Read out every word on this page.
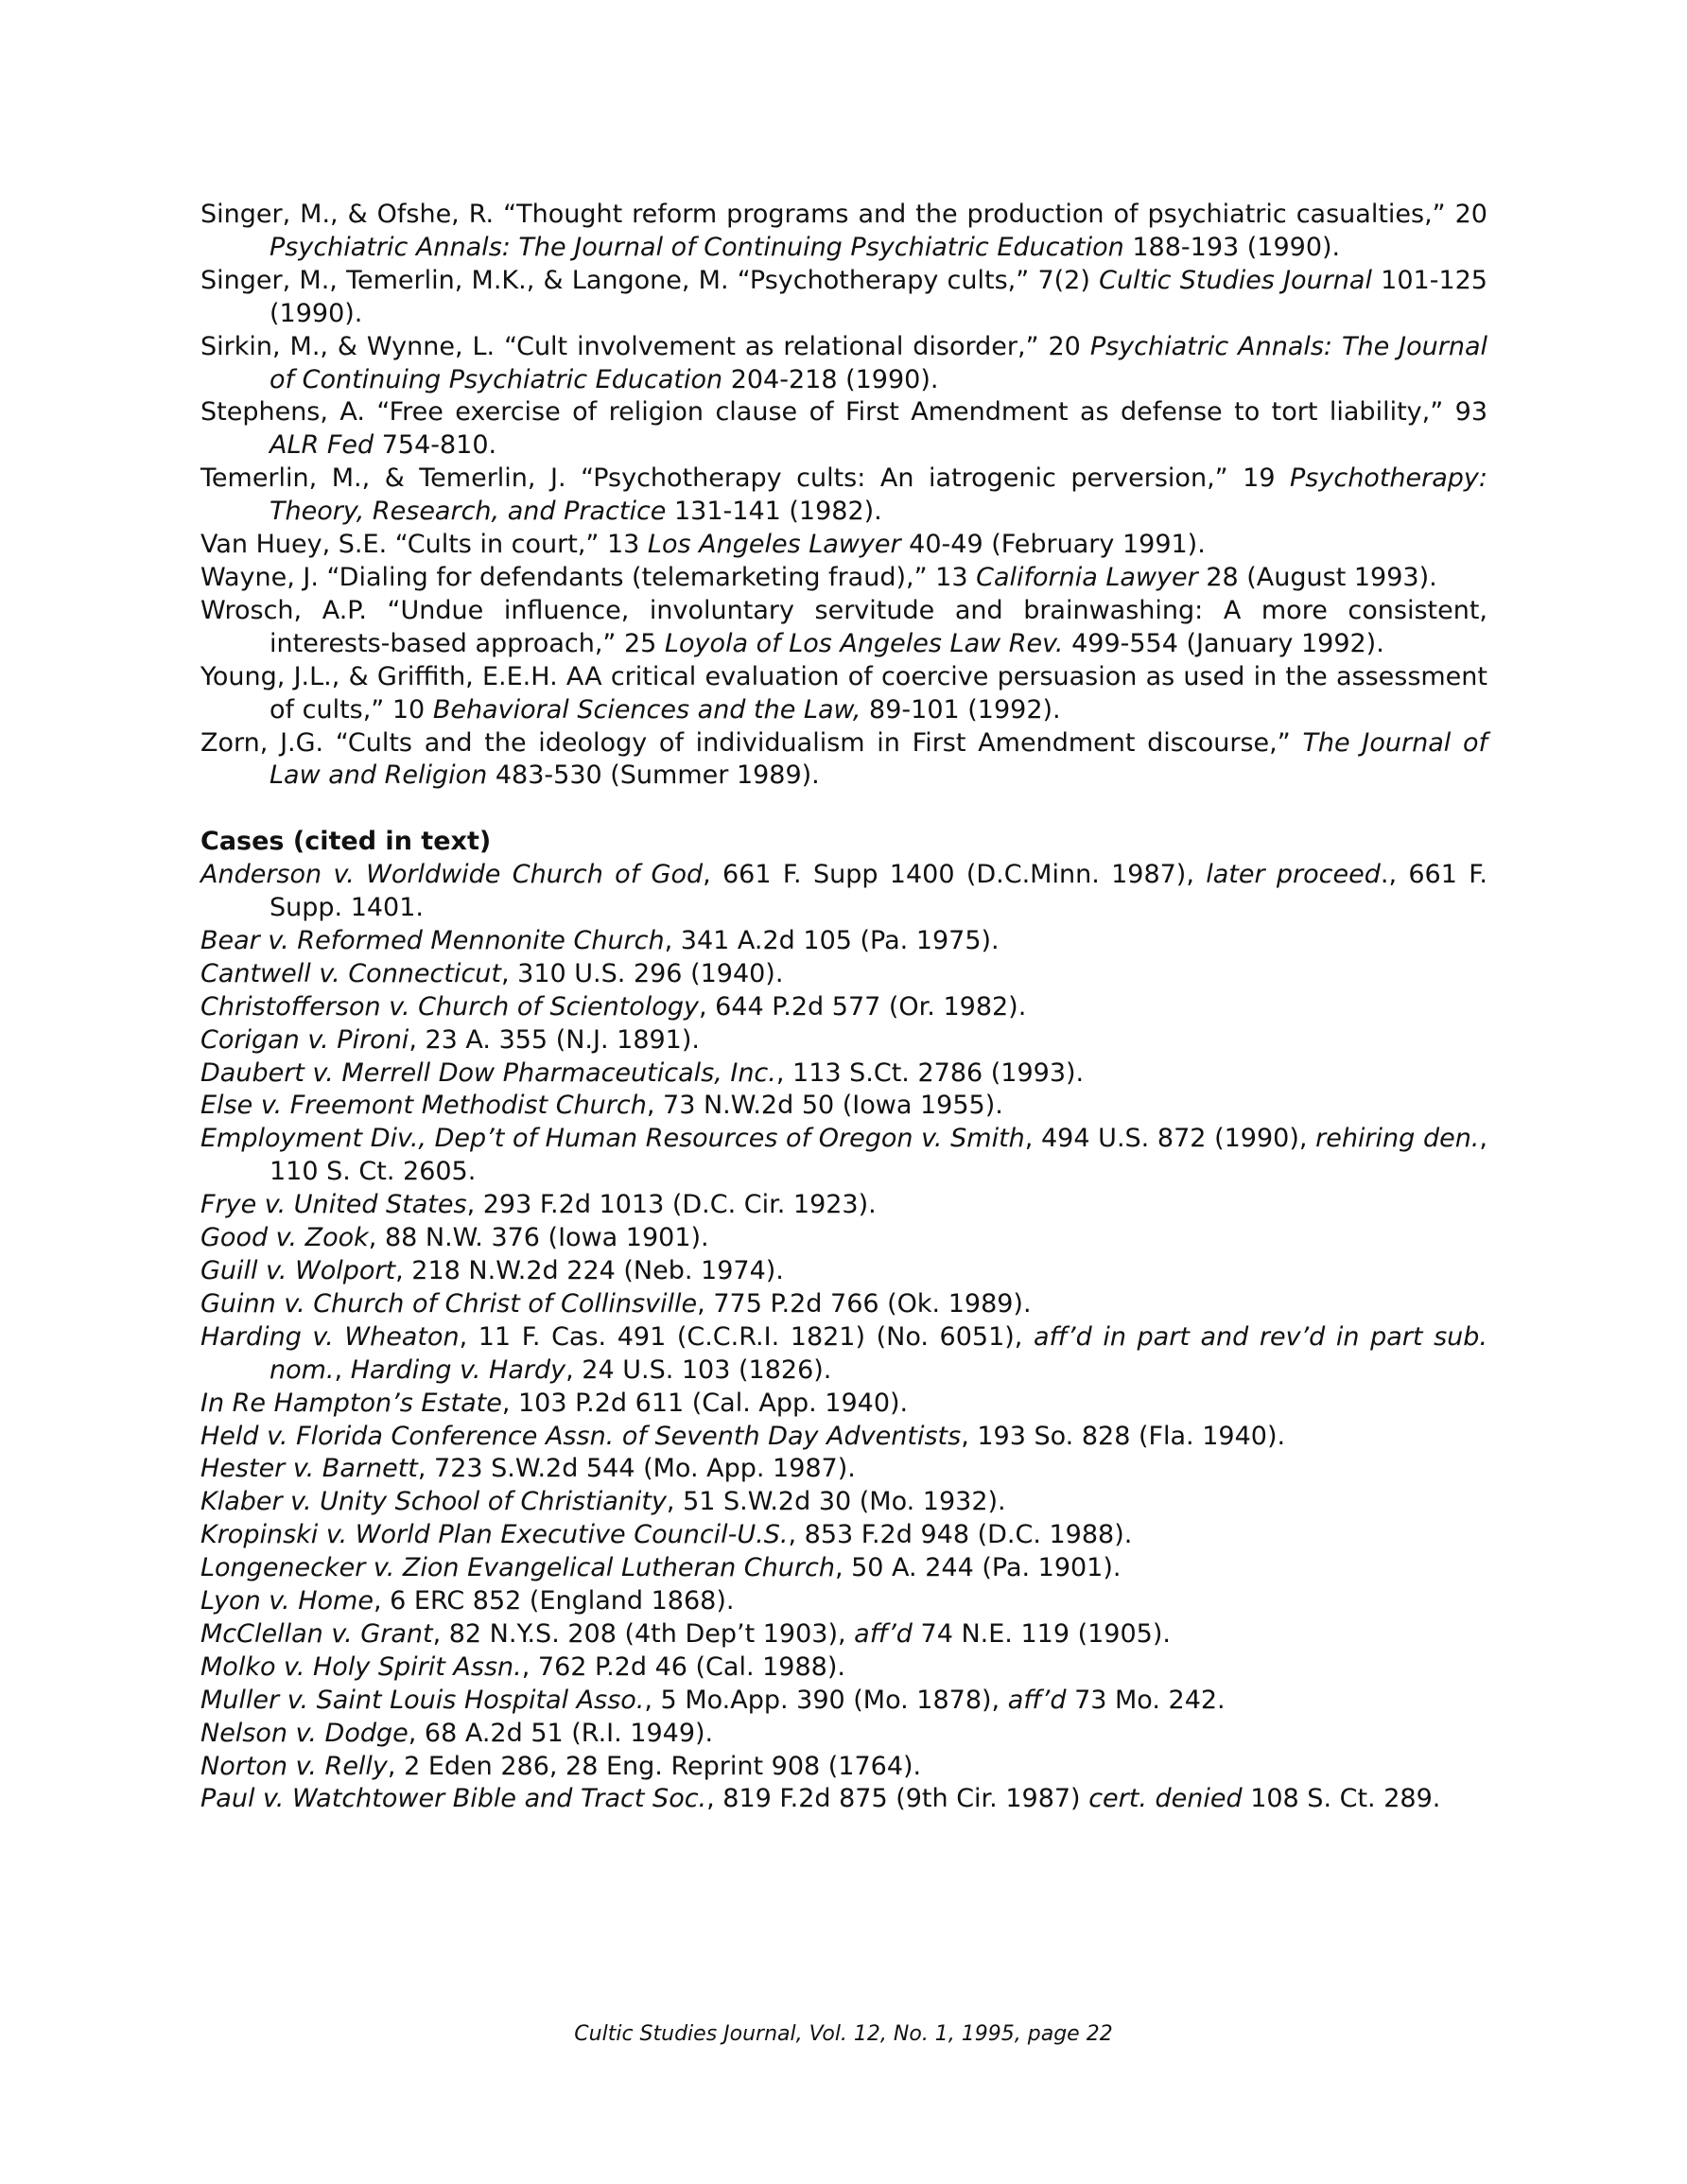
Singer, M., & Ofshe, R. “Thought reform programs and the production of psychiatric casualties,” 20 Psychiatric Annals: The Journal of Continuing Psychiatric Education 188-193 (1990).

Singer, M., Temerlin, M.K., & Langone, M. “Psychotherapy cults,” 7(2) Cultic Studies Journal 101-125 (1990).

Sirkin, M., & Wynne, L. “Cult involvement as relational disorder,” 20 Psychiatric Annals: The Journal of Continuing Psychiatric Education 204-218 (1990).

Stephens, A. “Free exercise of religion clause of First Amendment as defense to tort liability,” 93 ALR Fed 754-810.

Temerlin, M., & Temerlin, J. “Psychotherapy cults: An iatrogenic perversion,” 19 Psychotherapy: Theory, Research, and Practice 131-141 (1982).

Van Huey, S.E. “Cults in court,” 13 Los Angeles Lawyer 40-49 (February 1991).

Wayne, J. “Dialing for defendants (telemarketing fraud),” 13 California Lawyer 28 (August 1993).

Wrosch, A.P. “Undue influence, involuntary servitude and brainwashing: A more consistent, interests-based approach,” 25 Loyola of Los Angeles Law Rev. 499-554 (January 1992).

Young, J.L., & Griffith, E.E.H. AA critical evaluation of coercive persuasion as used in the assessment of cults,” 10 Behavioral Sciences and the Law, 89-101 (1992).

Zorn, J.G. “Cults and the ideology of individualism in First Amendment discourse,” The Journal of Law and Religion 483-530 (Summer 1989).

Cases (cited in text)

Anderson v. Worldwide Church of God, 661 F. Supp 1400 (D.C.Minn. 1987), later proceed., 661 F. Supp. 1401.

Bear v. Reformed Mennonite Church, 341 A.2d 105 (Pa. 1975).

Cantwell v. Connecticut, 310 U.S. 296 (1940).

Christofferson v. Church of Scientology, 644 P.2d 577 (Or. 1982).

Corigan v. Pironi, 23 A. 355 (N.J. 1891).

Daubert v. Merrell Dow Pharmaceuticals, Inc., 113 S.Ct. 2786 (1993).

Else v. Freemont Methodist Church, 73 N.W.2d 50 (Iowa 1955).

Employment Div., Dep’t of Human Resources of Oregon v. Smith, 494 U.S. 872 (1990), rehiring den., 110 S. Ct. 2605.

Frye v. United States, 293 F.2d 1013 (D.C. Cir. 1923).

Good v. Zook, 88 N.W. 376 (Iowa 1901).

Guill v. Wolport, 218 N.W.2d 224 (Neb. 1974).

Guinn v. Church of Christ of Collinsville, 775 P.2d 766 (Ok. 1989).

Harding v. Wheaton, 11 F. Cas. 491 (C.C.R.I. 1821) (No. 6051), aff’d in part and rev’d in part sub. nom., Harding v. Hardy, 24 U.S. 103 (1826).

In Re Hampton’s Estate, 103 P.2d 611 (Cal. App. 1940).

Held v. Florida Conference Assn. of Seventh Day Adventists, 193 So. 828 (Fla. 1940).

Hester v. Barnett, 723 S.W.2d 544 (Mo. App. 1987).

Klaber v. Unity School of Christianity, 51 S.W.2d 30 (Mo. 1932).

Kropinski v. World Plan Executive Council-U.S., 853 F.2d 948 (D.C. 1988).

Longenecker v. Zion Evangelical Lutheran Church, 50 A. 244 (Pa. 1901).

Lyon v. Home, 6 ERC 852 (England 1868).

McClellan v. Grant, 82 N.Y.S. 208 (4th Dep’t 1903), aff’d 74 N.E. 119 (1905).

Molko v. Holy Spirit Assn., 762 P.2d 46 (Cal. 1988).

Muller v. Saint Louis Hospital Asso., 5 Mo.App. 390 (Mo. 1878), aff’d 73 Mo. 242.

Nelson v. Dodge, 68 A.2d 51 (R.I. 1949).

Norton v. Relly, 2 Eden 286, 28 Eng. Reprint 908 (1764).

Paul v. Watchtower Bible and Tract Soc., 819 F.2d 875 (9th Cir. 1987) cert. denied 108 S. Ct. 289.

Cultic Studies Journal, Vol. 12, No. 1, 1995, page 22
